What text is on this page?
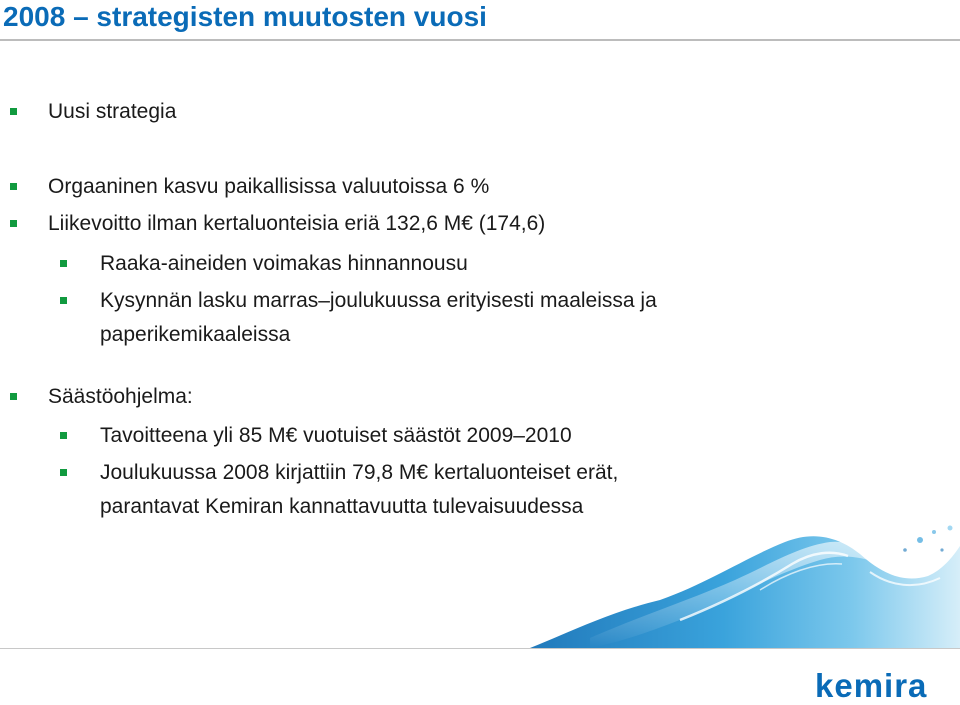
2008 – strategisten muutosten vuosi
Uusi strategia
Orgaaninen kasvu paikallisissa valuutoissa 6 %
Liikevoitto ilman kertaluonteisia eriä 132,6 M€ (174,6)
Raaka-aineiden voimakas hinnannousu
Kysynnän lasku marras–joulukuussa erityisesti maaleissa ja
paperikemikaaleissa
Säästöohjelma:
Tavoitteena yli 85 M€ vuotuiset säästöt 2009–2010
Joulukuussa 2008 kirjattiin 79,8 M€ kertaluonteiset erät,
parantavat Kemiran kannattavuutta tulevaisuudessa
kemira
